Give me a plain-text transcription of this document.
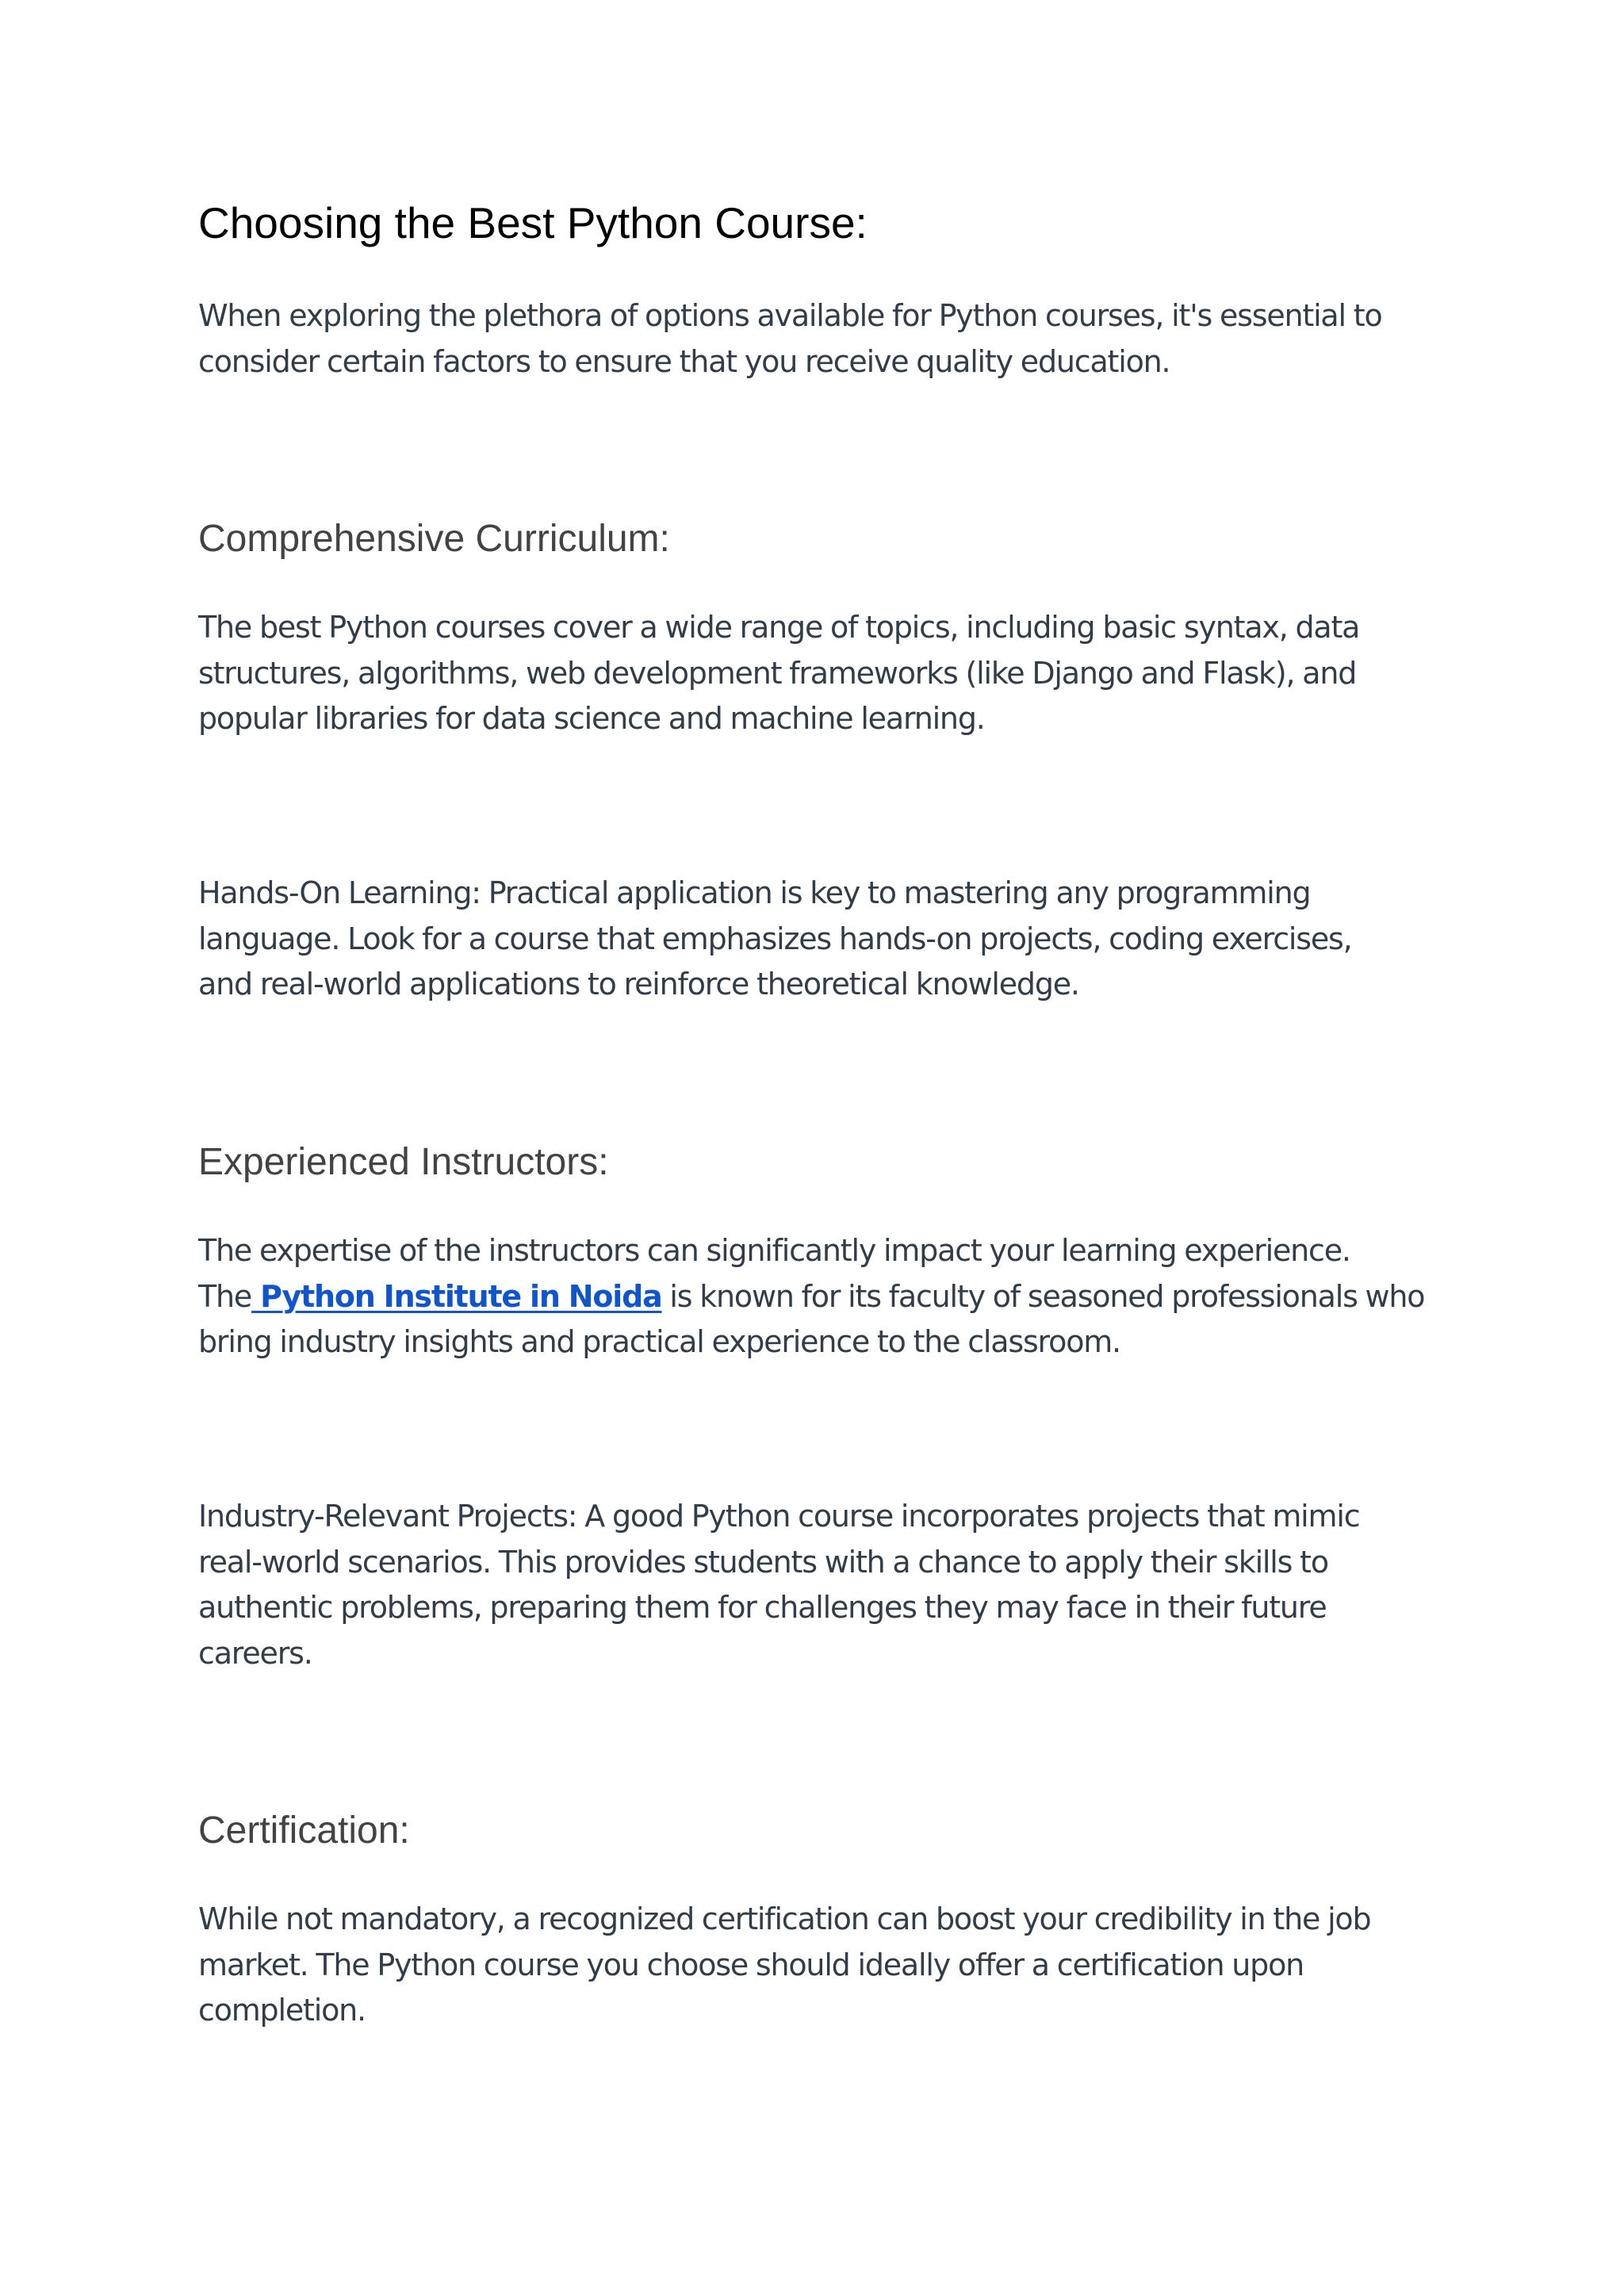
Choosing the Best Python Course:

When exploring the plethora of options available for Python courses, it's essential to
consider certain factors to ensure that you receive quality education.

Comprehensive Curriculum:

The best Python courses cover a wide range of topics, including basic syntax, data
structures, algorithms, web development frameworks (like Django and Flask), and
popular libraries for data science and machine learning.

Hands-On Learning: Practical application is key to mastering any programming
language. Look for a course that emphasizes hands-on projects, coding exercises,
and real-world applications to reinforce theoretical knowledge.

Experienced Instructors:

The expertise of the instructors can significantly impact your learning experience.
The Python Institute in Noida is known for its faculty of seasoned professionals who
bring industry insights and practical experience to the classroom.

Industry-Relevant Projects: A good Python course incorporates projects that mimic
real-world scenarios. This provides students with a chance to apply their skills to
authentic problems, preparing them for challenges they may face in their future
careers.

Certification:

While not mandatory, a recognized certification can boost your credibility in the job
market. The Python course you choose should ideally offer a certification upon
completion.
